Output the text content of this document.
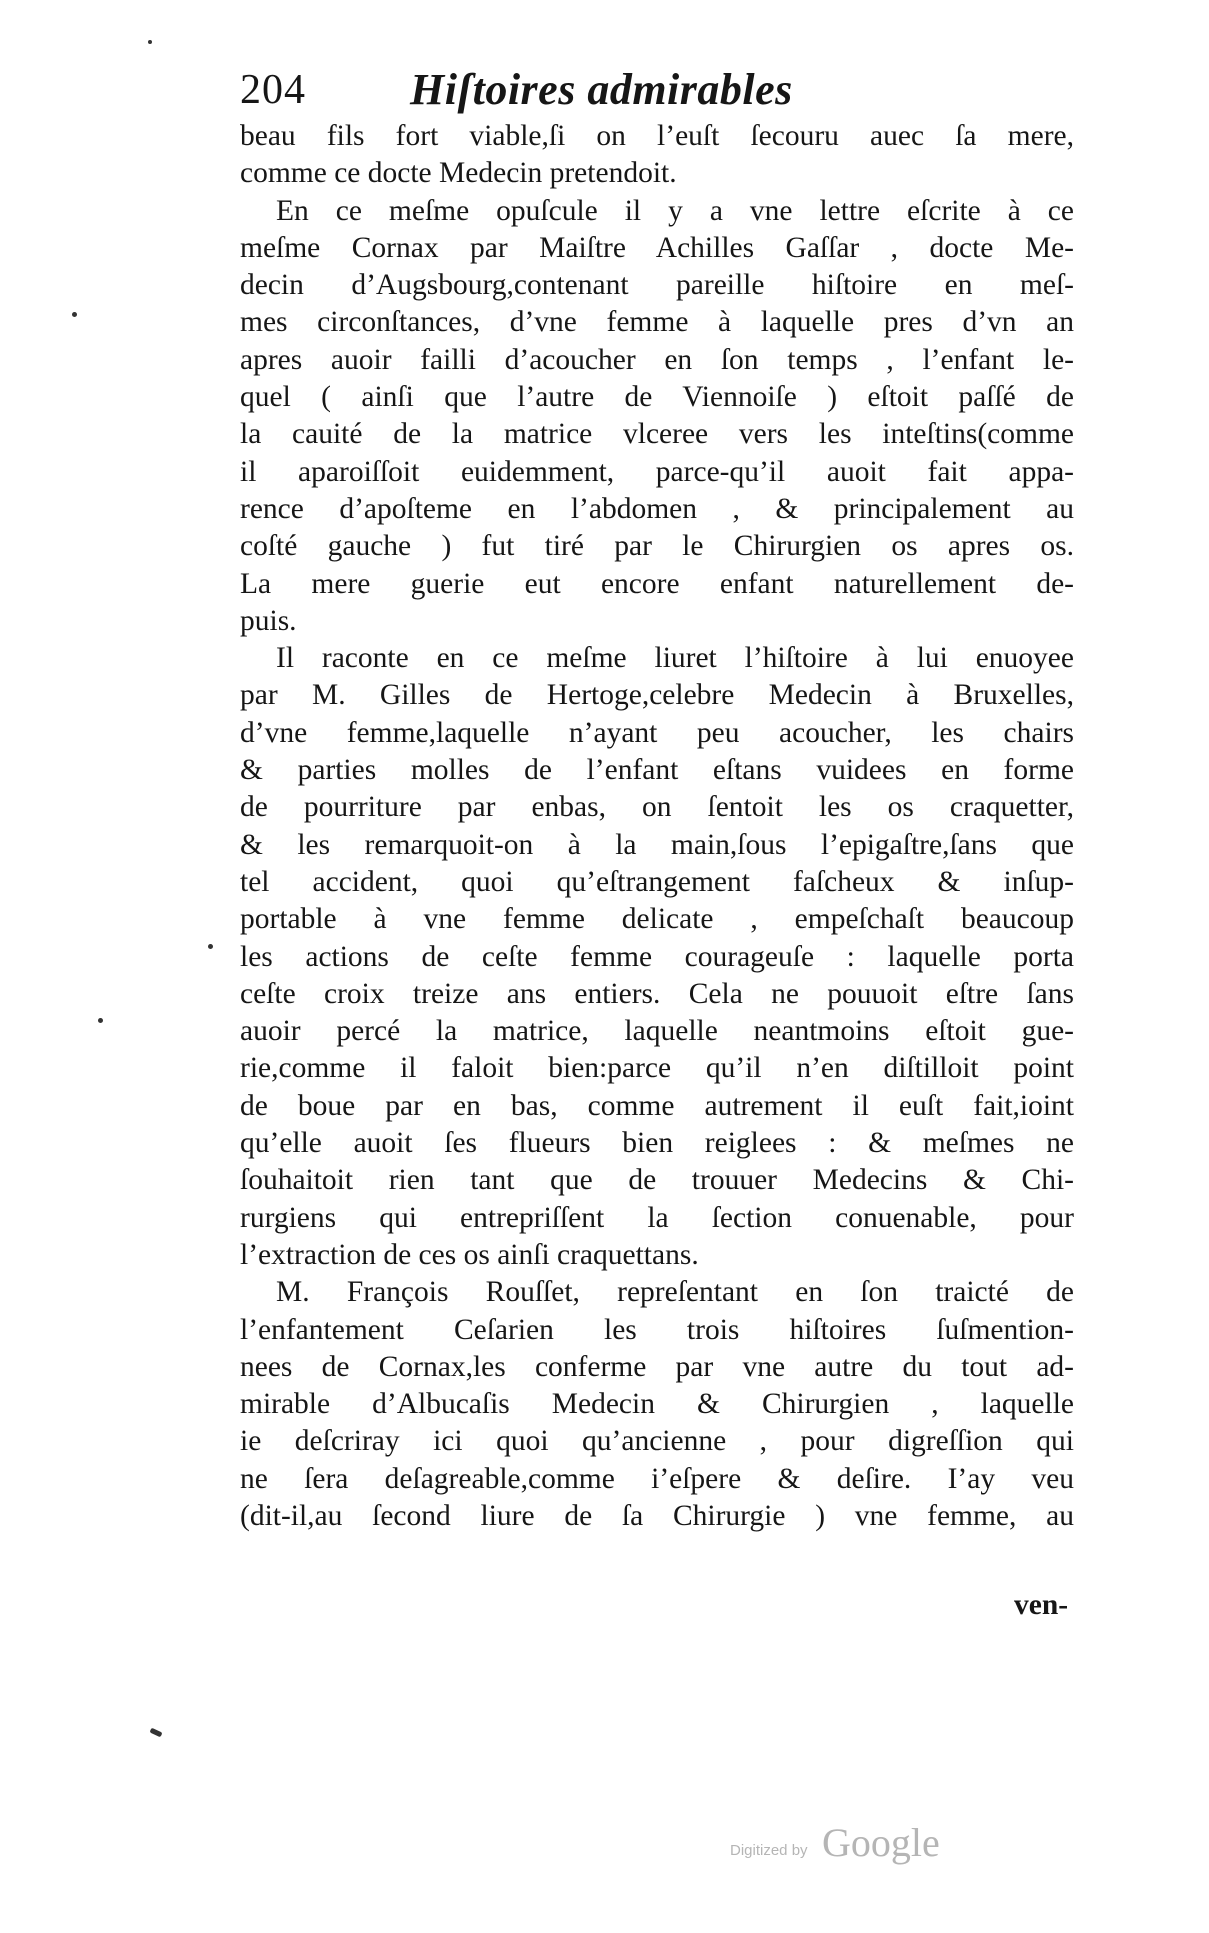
204 Hiſtoires admirables
beau fils fort viable,ſi on l’euſt ſecouru auec ſa mere,
comme ce docte Medecin pretendoit.
En ce meſme opuſcule il y a vne lettre eſcrite à ce
meſme Cornax par Maiſtre Achilles Gaſſar , docte Me-
decin d’Augsbourg,contenant pareille hiſtoire en meſ-
mes circonſtances, d’vne femme à laquelle pres d’vn an
apres auoir failli d’acoucher en ſon temps , l’enfant le-
quel ( ainſi que l’autre de Viennoiſe ) eſtoit paſſé de
la cauité de la matrice vlceree vers les inteſtins(comme
il aparoiſſoit euidemment, parce-qu’il auoit fait appa-
rence d’apoſteme en l’abdomen , & principalement au
coſté gauche ) fut tiré par le Chirurgien os apres os.
La mere guerie eut encore enfant naturellement de-
puis.
Il raconte en ce meſme liuret l’hiſtoire à lui enuoyee
par M. Gilles de Hertoge,celebre Medecin à Bruxelles,
d’vne femme,laquelle n’ayant peu acoucher, les chairs
& parties molles de l’enfant eſtans vuidees en forme
de pourriture par enbas, on ſentoit les os craquetter,
& les remarquoit-on à la main,ſous l’epigaſtre,ſans que
tel accident, quoi qu’eſtrangement faſcheux & inſup-
portable à vne femme delicate , empeſchaſt beaucoup
les actions de ceſte femme courageuſe : laquelle porta
ceſte croix treize ans entiers. Cela ne pouuoit eſtre ſans
auoir percé la matrice, laquelle neantmoins eſtoit gue-
rie,comme il faloit bien:parce qu’il n’en diſtilloit point
de boue par en bas, comme autrement il euſt fait,ioint
qu’elle auoit ſes flueurs bien reiglees : & meſmes ne
ſouhaitoit rien tant que de trouuer Medecins & Chi-
rurgiens qui entrepriſſent la ſection conuenable, pour
l’extraction de ces os ainſi craquettans.
M. François Rouſſet, repreſentant en ſon traicté de
l’enfantement Ceſarien les trois hiſtoires ſuſmention-
nees de Cornax,les conferme par vne autre du tout ad-
mirable d’Albucaſis Medecin & Chirurgien , laquelle
ie deſcriray ici quoi qu’ancienne , pour digreſſion qui
ne ſera deſagreable,comme i’eſpere & deſire. I’ay veu
(dit-il,au ſecond liure de ſa Chirurgie ) vne femme, au
ven-
Digitized by Google
